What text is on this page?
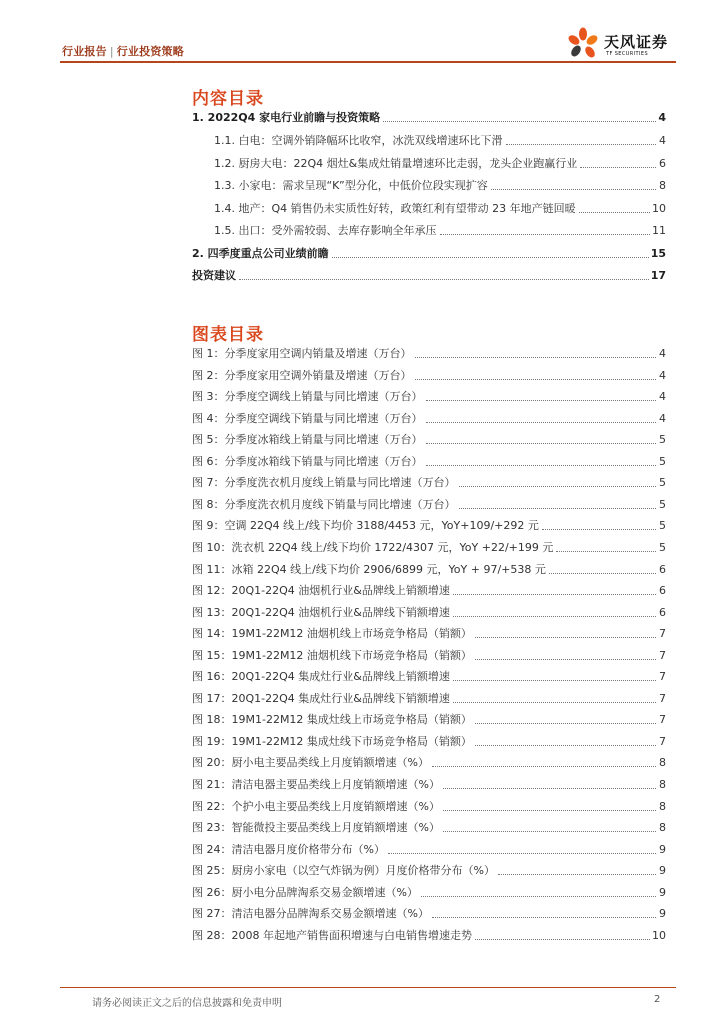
行业报告 | 行业投资策略
天风证券
TF SECURITIES
内容目录
1. 2022Q4 家电行业前瞻与投资策略	4
1.1. 白电：空调外销降幅环比收窄，冰洗双线增速环比下滑	4
1.2. 厨房大电：22Q4 烟灶&集成灶销量增速环比走弱，龙头企业跑赢行业	6
1.3. 小家电：需求呈现“K”型分化，中低价位段实现扩容	8
1.4. 地产：Q4 销售仍未实质性好转，政策红利有望带动 23 年地产链回暖	10
1.5. 出口：受外需较弱、去库存影响全年承压	11
2. 四季度重点公司业绩前瞻	15
投资建议	17
图表目录
图 1：分季度家用空调内销量及增速（万台）	4
图 2：分季度家用空调外销量及增速（万台）	4
图 3：分季度空调线上销量与同比增速（万台）	4
图 4：分季度空调线下销量与同比增速（万台）	4
图 5：分季度冰箱线上销量与同比增速（万台）	5
图 6：分季度冰箱线下销量与同比增速（万台）	5
图 7：分季度洗衣机月度线上销量与同比增速（万台）	5
图 8：分季度洗衣机月度线下销量与同比增速（万台）	5
图 9：空调 22Q4 线上/线下均价 3188/4453 元，YoY+109/+292 元	5
图 10：洗衣机 22Q4 线上/线下均价 1722/4307 元，YoY +22/+199 元	5
图 11：冰箱 22Q4 线上/线下均价 2906/6899 元，YoY + 97/+538 元	6
图 12：20Q1-22Q4 油烟机行业&品牌线上销额增速	6
图 13：20Q1-22Q4 油烟机行业&品牌线下销额增速	6
图 14：19M1-22M12 油烟机线上市场竞争格局（销额）	7
图 15：19M1-22M12 油烟机线下市场竞争格局（销额）	7
图 16：20Q1-22Q4 集成灶行业&品牌线上销额增速	7
图 17：20Q1-22Q4 集成灶行业&品牌线下销额增速	7
图 18：19M1-22M12 集成灶线上市场竞争格局（销额）	7
图 19：19M1-22M12 集成灶线下市场竞争格局（销额）	7
图 20：厨小电主要品类线上月度销额增速（%）	8
图 21：清洁电器主要品类线上月度销额增速（%）	8
图 22：个护小电主要品类线上月度销额增速（%）	8
图 23：智能微投主要品类线上月度销额增速（%）	8
图 24：清洁电器月度价格带分布（%）	9
图 25：厨房小家电（以空气炸锅为例）月度价格带分布（%）	9
图 26：厨小电分品牌淘系交易金额增速（%）	9
图 27：清洁电器分品牌淘系交易金额增速（%）	9
图 28：2008 年起地产销售面积增速与白电销售增速走势	10
请务必阅读正文之后的信息披露和免责申明	2
